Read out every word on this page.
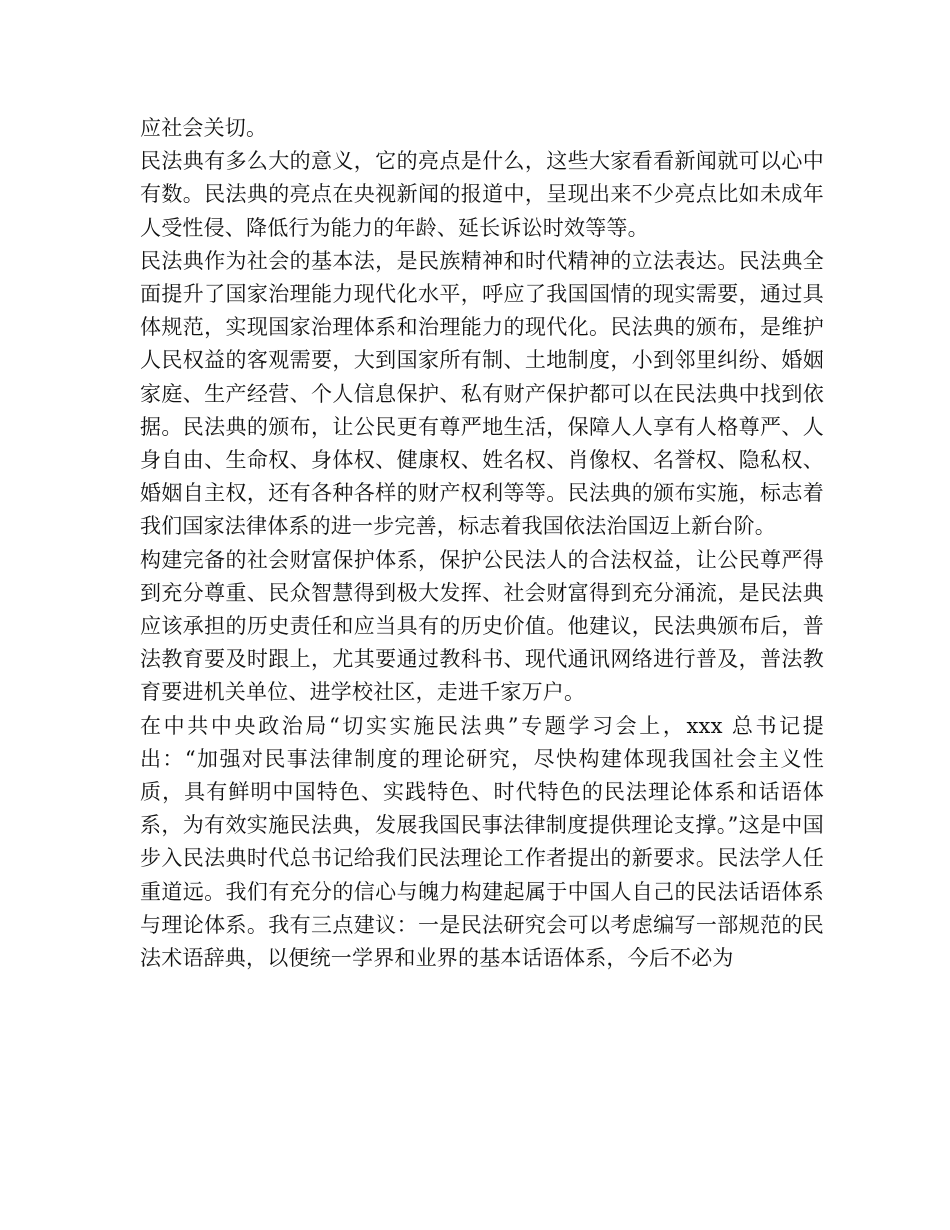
应社会关切。

民法典有多么大的意义，它的亮点是什么，这些大家看看新闻就可以心中有数。民法典的亮点在央视新闻的报道中，呈现出来不少亮点比如未成年人受性侵、降低行为能力的年龄、延长诉讼时效等等。

民法典作为社会的基本法，是民族精神和时代精神的立法表达。民法典全面提升了国家治理能力现代化水平，呼应了我国国情的现实需要，通过具体规范，实现国家治理体系和治理能力的现代化。民法典的颁布，是维护人民权益的客观需要，大到国家所有制、土地制度，小到邻里纠纷、婚姻家庭、生产经营、个人信息保护、私有财产保护都可以在民法典中找到依据。民法典的颁布，让公民更有尊严地生活，保障人人享有人格尊严、人身自由、生命权、身体权、健康权、姓名权、肖像权、名誉权、隐私权、婚姻自主权，还有各种各样的财产权利等等。民法典的颁布实施，标志着我们国家法律体系的进一步完善，标志着我国依法治国迈上新台阶。

构建完备的社会财富保护体系，保护公民法人的合法权益，让公民尊严得到充分尊重、民众智慧得到极大发挥、社会财富得到充分涌流，是民法典应该承担的历史责任和应当具有的历史价值。他建议，民法典颁布后，普法教育要及时跟上，尤其要通过教科书、现代通讯网络进行普及，普法教育要进机关单位、进学校社区，走进千家万户。

在中共中央政治局“切实实施民法典”专题学习会上，xxx 总书记提出：“加强对民事法律制度的理论研究，尽快构建体现我国社会主义性质，具有鲜明中国特色、实践特色、时代特色的民法理论体系和话语体系，为有效实施民法典，发展我国民事法律制度提供理论支撑。”这是中国步入民法典时代总书记给我们民法理论工作者提出的新要求。民法学人任重道远。我们有充分的信心与魄力构建起属于中国人自己的民法话语体系与理论体系。我有三点建议：一是民法研究会可以考虑编写一部规范的民法术语辞典，以便统一学界和业界的基本话语体系，今后不必为
